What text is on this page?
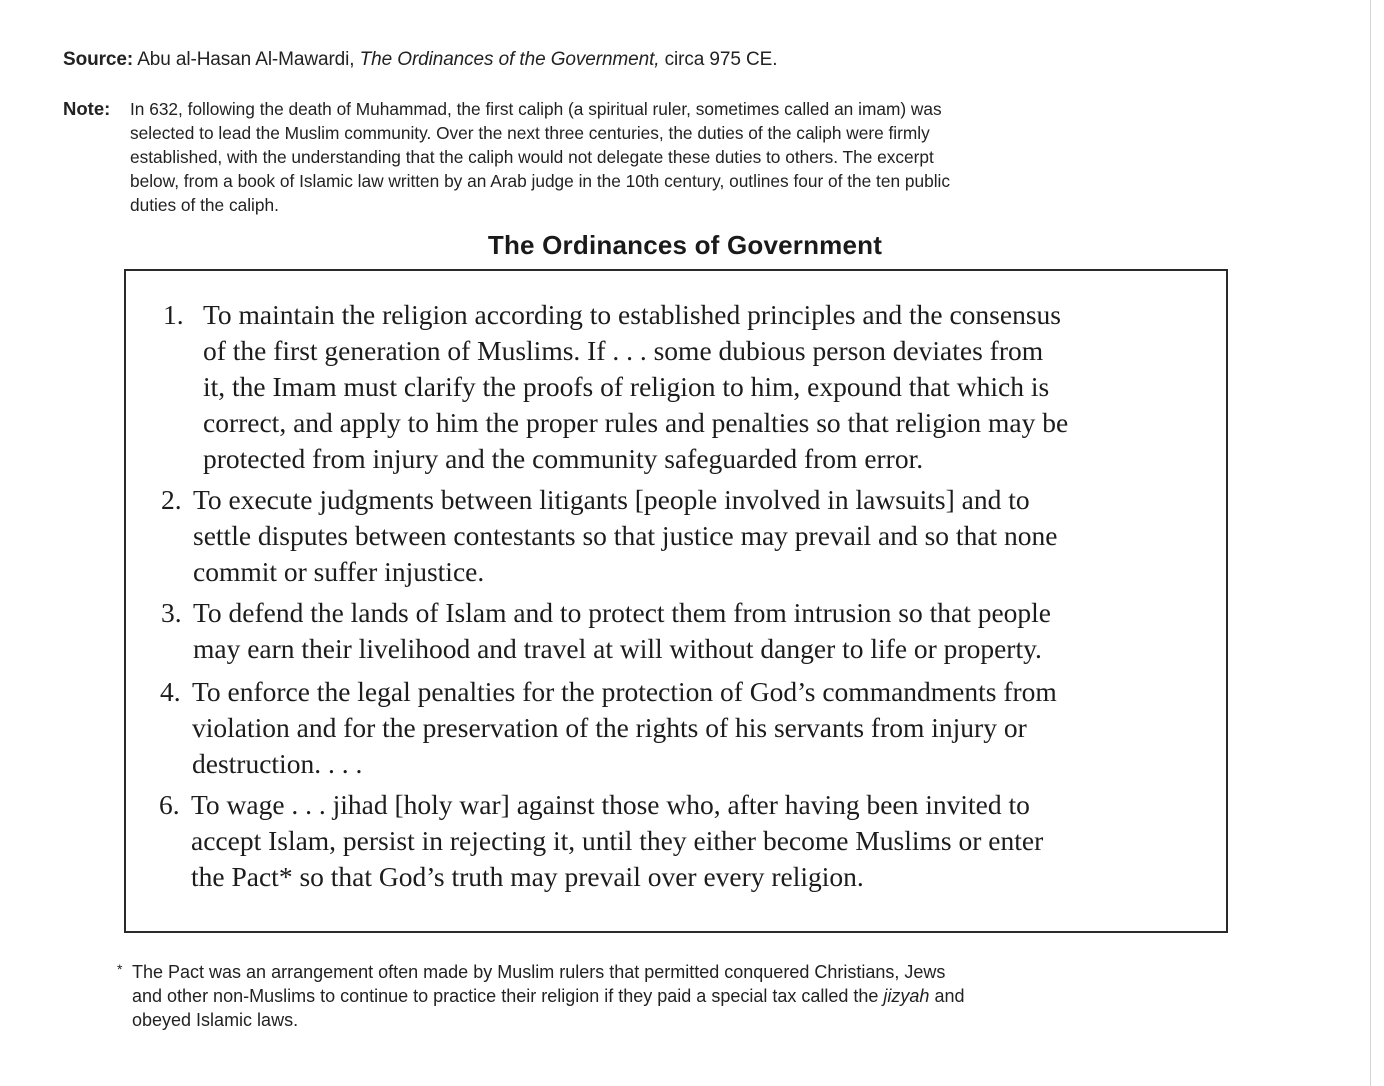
Source: Abu al-Hasan Al-Mawardi, The Ordinances of the Government, circa 975 CE.
Note:	In 632, following the death of Muhammad, the first caliph (a spiritual ruler, sometimes called an imam) was
selected to lead the Muslim community. Over the next three centuries, the duties of the caliph were firmly
established, with the understanding that the caliph would not delegate these duties to others. The excerpt
below, from a book of Islamic law written by an Arab judge in the 10th century, outlines four of the ten public
duties of the caliph.
The Ordinances of Government
1. To maintain the religion according to established principles and the consensus
of the first generation of Muslims. If . . . some dubious person deviates from
it, the Imam must clarify the proofs of religion to him, expound that which is
correct, and apply to him the proper rules and penalties so that religion may be
protected from injury and the community safeguarded from error.
2. To execute judgments between litigants [people involved in lawsuits] and to
settle disputes between contestants so that justice may prevail and so that none
commit or suffer injustice.
3. To defend the lands of Islam and to protect them from intrusion so that people
may earn their livelihood and travel at will without danger to life or property.
4. To enforce the legal penalties for the protection of God’s commandments from
violation and for the preservation of the rights of his servants from injury or
destruction. . . .
6. To wage . . . jihad [holy war] against those who, after having been invited to
accept Islam, persist in rejecting it, until they either become Muslims or enter
the Pact* so that God’s truth may prevail over every religion.
* The Pact was an arrangement often made by Muslim rulers that permitted conquered Christians, Jews
and other non-Muslims to continue to practice their religion if they paid a special tax called the jizyah and
obeyed Islamic laws.
